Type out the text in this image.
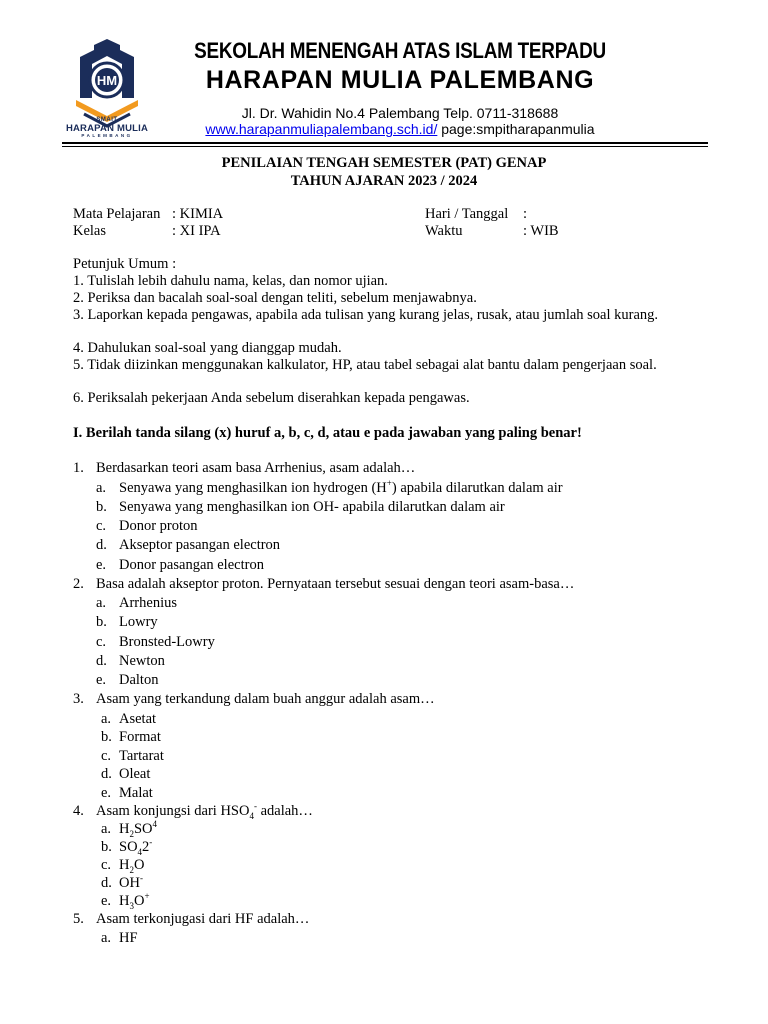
HM
SMAIT
HARAPAN MULIA
PALEMBANG
SEKOLAH MENENGAH ATAS ISLAM TERPADU
HARAPAN MULIA PALEMBANG
Jl. Dr. Wahidin No.4 Palembang Telp. 0711-318688
www.harapanmuliapalembang.sch.id/ page:smpitharapanmulia
PENILAIAN TENGAH SEMESTER (PAT) GENAP
TAHUN AJARAN 2023 / 2024
Mata Pelajaran : KIMIA
Kelas	: XI IPA
Hari / Tanggal :
Waktu	: WIB
Petunjuk Umum :
1. Tulislah lebih dahulu nama, kelas, dan nomor ujian.
2. Periksa dan bacalah soal-soal dengan teliti, sebelum menjawabnya.
3. Laporkan kepada pengawas, apabila ada tulisan yang kurang jelas, rusak, atau jumlah soal kurang.
4. Dahulukan soal-soal yang dianggap mudah.
5. Tidak diizinkan menggunakan kalkulator, HP, atau tabel sebagai alat bantu dalam pengerjaan soal.
6. Periksalah pekerjaan Anda sebelum diserahkan kepada pengawas.
I. Berilah tanda silang (x) huruf a, b, c, d, atau e pada jawaban yang paling benar!
1. Berdasarkan teori asam basa Arrhenius, asam adalah…
a. Senyawa yang menghasilkan ion hydrogen (H+) apabila dilarutkan dalam air
b. Senyawa yang menghasilkan ion OH- apabila dilarutkan dalam air
c. Donor proton
d. Akseptor pasangan electron
e. Donor pasangan electron
2. Basa adalah akseptor proton. Pernyataan tersebut sesuai dengan teori asam-basa…
a. Arrhenius
b. Lowry
c. Bronsted-Lowry
d. Newton
e. Dalton
3. Asam yang terkandung dalam buah anggur adalah asam…
a. Asetat
b. Format
c. Tartarat
d. Oleat
e. Malat
4. Asam konjungsi dari $HSO_4^-$ adalah…
a. $H_2SO^4$
b. $SO_42^-$
c. $H_2O$
d. OH-
e. $H_3O^+$
5. Asam terkonjugasi dari HF adalah…
a. HF
